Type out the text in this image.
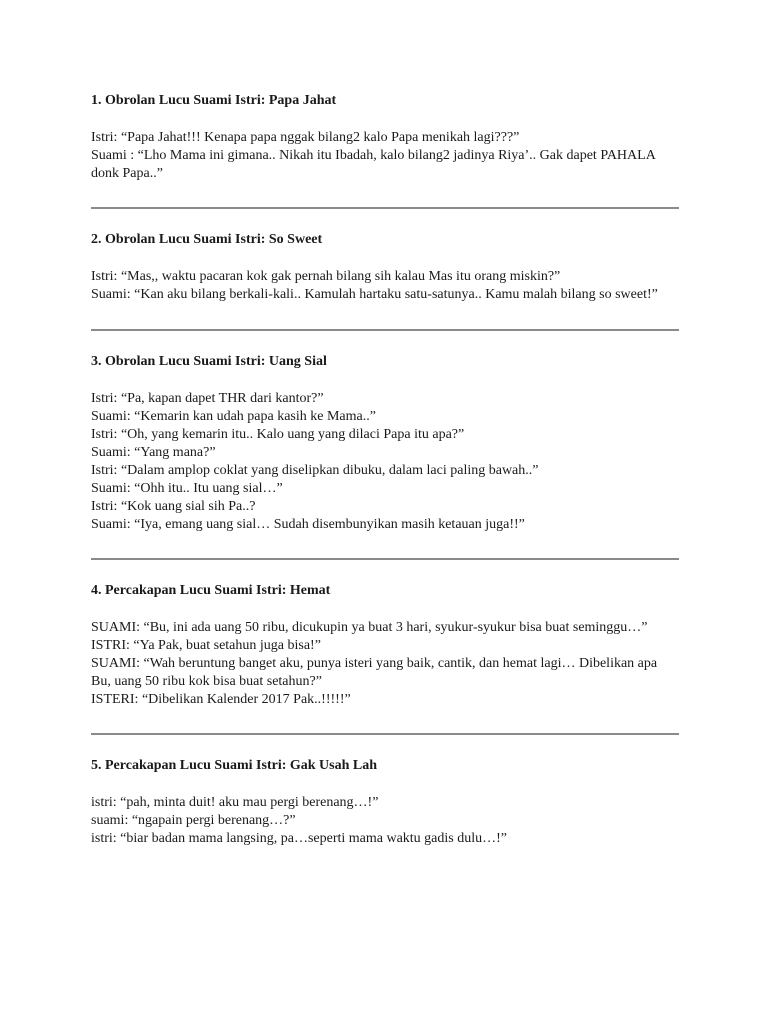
1. Obrolan Lucu Suami Istri: Papa Jahat
Istri: “Papa Jahat!!! Kenapa papa nggak bilang2 kalo Papa menikah lagi???”
Suami : “Lho Mama ini gimana.. Nikah itu Ibadah, kalo bilang2 jadinya Riya’.. Gak dapet PAHALA donk Papa..”
2. Obrolan Lucu Suami Istri: So Sweet
Istri: “Mas,, waktu pacaran kok gak pernah bilang sih kalau Mas itu orang miskin?”
Suami: “Kan aku bilang berkali-kali.. Kamulah hartaku satu-satunya.. Kamu malah bilang so sweet!”
3. Obrolan Lucu Suami Istri: Uang Sial
Istri: “Pa, kapan dapet THR dari kantor?”
Suami: “Kemarin kan udah papa kasih ke Mama..”
Istri: “Oh, yang kemarin itu.. Kalo uang yang dilaci Papa itu apa?”
Suami: “Yang mana?”
Istri: “Dalam amplop coklat yang diselipkan dibuku, dalam laci paling bawah..”
Suami: “Ohh itu.. Itu uang sial…”
Istri: “Kok uang sial sih Pa..?
Suami: “Iya, emang uang sial… Sudah disembunyikan masih ketauan juga!!”
4. Percakapan Lucu Suami Istri: Hemat
SUAMI: “Bu, ini ada uang 50 ribu, dicukupin ya buat 3 hari, syukur-syukur bisa buat seminggu…”
ISTRI: “Ya Pak, buat setahun juga bisa!”
SUAMI: “Wah beruntung banget aku, punya isteri yang baik, cantik, dan hemat lagi… Dibelikan apa Bu, uang 50 ribu kok bisa buat setahun?”
ISTERI: “Dibelikan Kalender 2017 Pak..!!!!!”
5. Percakapan Lucu Suami Istri: Gak Usah Lah
istri: “pah, minta duit! aku mau pergi berenang…!”
suami: “ngapain pergi berenang…?”
istri: “biar badan mama langsing, pa…seperti mama waktu gadis dulu…!”
